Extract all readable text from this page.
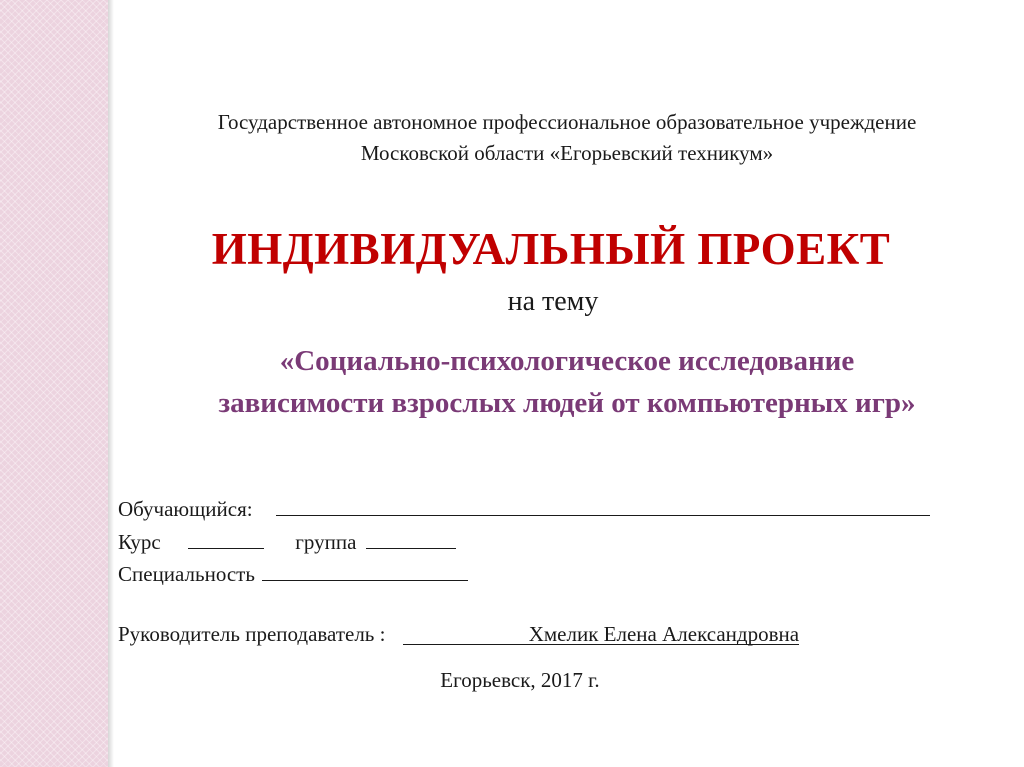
Государственное автономное профессиональное образовательное учреждение
Московской области «Егорьевский техникум»
ИНДИВИДУАЛЬНЫЙ ПРОЕКТ
на тему
«Социально-психологическое исследование
зависимости взрослых людей от компьютерных игр»
Обучающийся:
Курс	группа
Специальность
Руководитель преподаватель :	Хмелик Елена Александровна
Егорьевск, 2017 г.
